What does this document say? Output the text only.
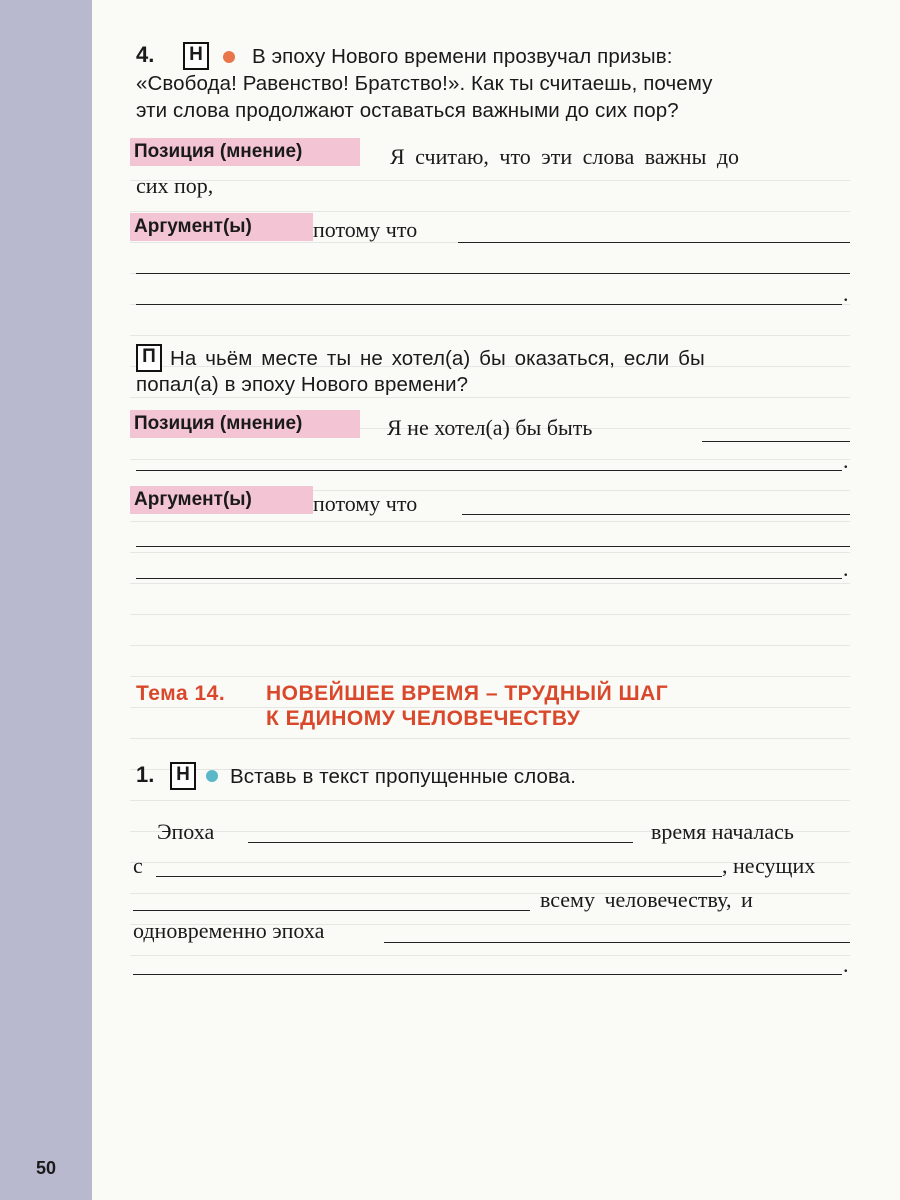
4.	Н В эпоху Нового времени прозвучал призыв:
«Свобода! Равенство! Братство!». Как ты считаешь, почему
эти слова продолжают оставаться важными до сих пор?
Позиция (мнение)	Я считаю, что эти слова важны до
сих пор,
Аргумент(ы)	потому что
.
П На чьём месте ты не хотел(а) бы оказаться, если бы
попал(а) в эпоху Нового времени?
Позиция (мнение)	Я не хотел(а) бы быть
.
Аргумент(ы)	потому что
.
Тема 14. НОВЕЙШЕЕ ВРЕМЯ – ТРУДНЫЙ ШАГ
К ЕДИНОМУ ЧЕЛОВЕЧЕСТВУ
1.	Н Вставь в текст пропущенные слова.
Эпоха	время началась
с	, несущих
всему человечеству, и
одновременно эпоха
.
50
